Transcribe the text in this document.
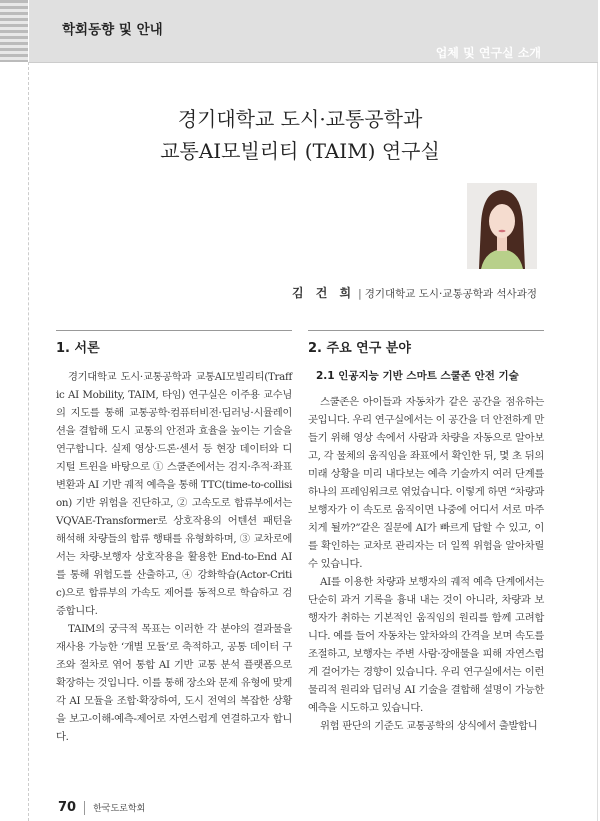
학회동향 및 안내
업체 및 연구실 소개
경기대학교 도시·교통공학과
교통AI모빌리티 (TAIM) 연구실
김 건 희 | 경기대학교 도시·교통공학과 석사과정
1. 서론

경기대학교 도시·교통공학과 교통AI모빌리티(Traffic AI Mobility, TAIM, 타임) 연구실은 이주용 교수님의 지도를 통해 교통공학·컴퓨터비전·딥러닝·시뮬레이션을 결합해 도시 교통의 안전과 효율을 높이는 기술을 연구합니다. 실제 영상·드론·센서 등 현장 데이터와 디지털 트윈을 바탕으로 ① 스쿨존에서는 검지·추적·좌표 변환과 AI 기반 궤적 예측을 통해 TTC(time-to-collision) 기반 위험을 진단하고, ② 고속도로 합류부에서는 VQVAE-Transformer로 상호작용의 어텐션 패턴을 해석해 차량들의 합류 행태를 유형화하며, ③ 교차로에서는 차량-보행자 상호작용을 활용한 End-to-End AI를 통해 위험도를 산출하고, ④ 강화학습(Actor-Critic)으로 합류부의 가속도 제어를 동적으로 학습하고 검증합니다.

TAIM의 궁극적 목표는 이러한 각 분야의 결과물을 재사용 가능한 ‘개별 모듈’로 축적하고, 공통 데이터 구조와 절차로 엮어 통합 AI 기반 교통 분석 플랫폼으로 확장하는 것입니다. 이를 통해 장소와 문제 유형에 맞게 각 AI 모듈을 조합·확장하여, 도시 전역의 복잡한 상황을 보고-이해-예측-제어로 자연스럽게 연결하고자 합니다.

2. 주요 연구 분야
2.1 인공지능 기반 스마트 스쿨존 안전 기술

스쿨존은 아이들과 자동차가 같은 공간을 점유하는 곳입니다. 우리 연구실에서는 이 공간을 더 안전하게 만들기 위해 영상 속에서 사람과 차량을 자동으로 알아보고, 각 물체의 움직임을 좌표에서 확인한 뒤, 몇 초 뒤의 미래 상황을 미리 내다보는 예측 기술까지 여러 단계를 하나의 프레임워크로 엮었습니다. 이렇게 하면 “차량과 보행자가 이 속도로 움직이면 나중에 어디서 서로 마주치게 될까?”같은 질문에 AI가 빠르게 답할 수 있고, 이를 확인하는 교차로 관리자는 더 일찍 위험을 알아차릴 수 있습니다.

AI를 이용한 차량과 보행자의 궤적 예측 단계에서는 단순히 과거 기록을 흉내 내는 것이 아니라, 차량과 보행자가 취하는 기본적인 움직임의 원리를 함께 고려합니다. 예를 들어 자동차는 앞차와의 간격을 보며 속도를 조절하고, 보행자는 주변 사람·장애물을 피해 자연스럽게 걸어가는 경향이 있습니다. 우리 연구실에서는 이런 물리적 원리와 딥러닝 AI 기술을 결합해 설명이 가능한 예측을 시도하고 있습니다.

위험 판단의 기준도 교통공학의 상식에서 출발합니

70 한국도로학회
